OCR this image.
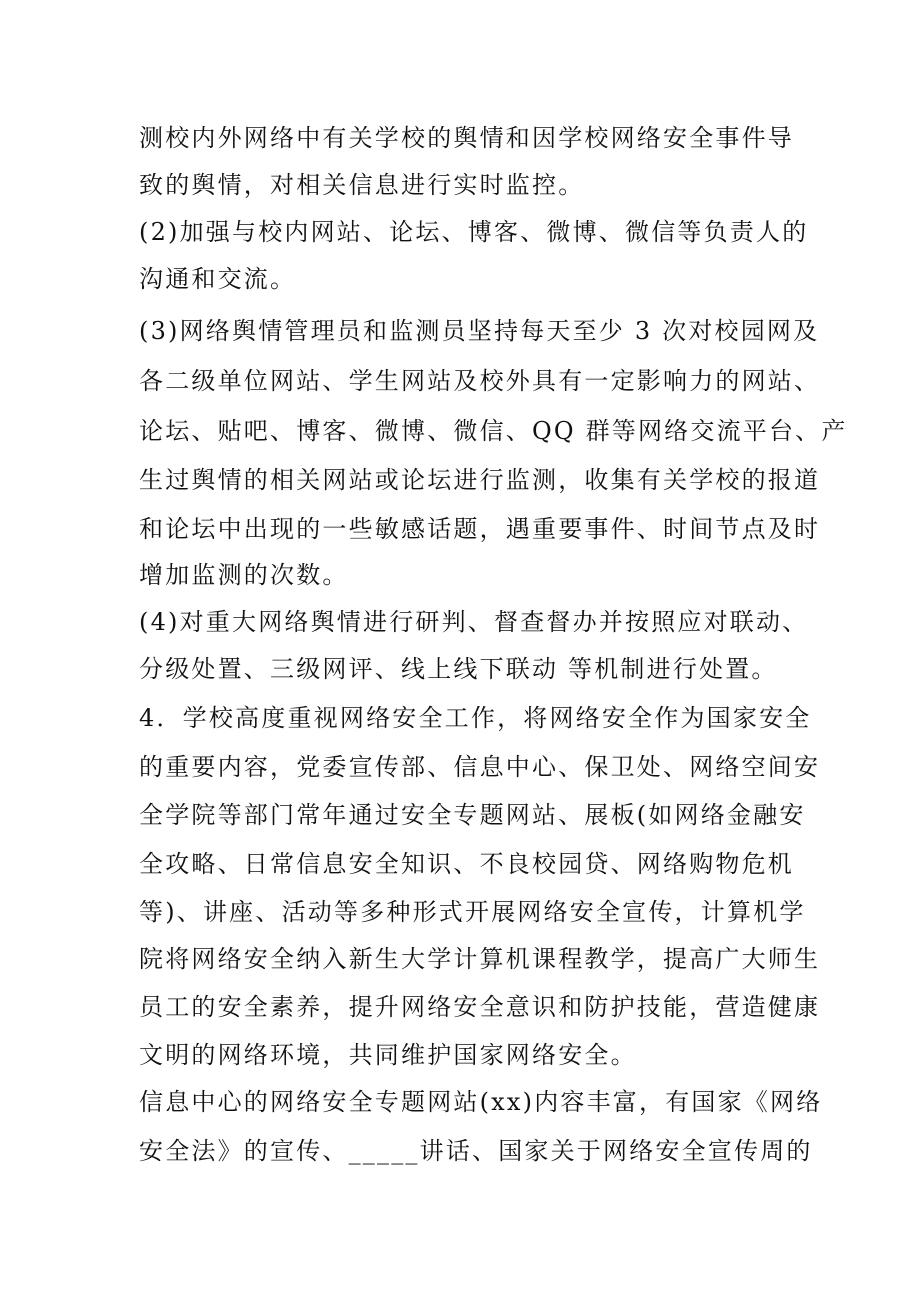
测校内外网络中有关学校的舆情和因学校网络安全事件导
致的舆情，对相关信息进行实时监控。
(2)加强与校内网站、论坛、博客、微博、微信等负责人的
沟通和交流。
(3)网络舆情管理员和监测员坚持每天至少 3 次对校园网及
各二级单位网站、学生网站及校外具有一定影响力的网站、
论坛、贴吧、博客、微博、微信、QQ 群等网络交流平台、产
生过舆情的相关网站或论坛进行监测，收集有关学校的报道
和论坛中出现的一些敏感话题，遇重要事件、时间节点及时
增加监测的次数。
(4)对重大网络舆情进行研判、督查督办并按照应对联动、
分级处置、三级网评、线上线下联动 等机制进行处置。
4．学校高度重视网络安全工作，将网络安全作为国家安全
的重要内容，党委宣传部、信息中心、保卫处、网络空间安
全学院等部门常年通过安全专题网站、展板(如网络金融安
全攻略、日常信息安全知识、不良校园贷、网络购物危机
等)、讲座、活动等多种形式开展网络安全宣传，计算机学
院将网络安全纳入新生大学计算机课程教学，提高广大师生
员工的安全素养，提升网络安全意识和防护技能，营造健康
文明的网络环境，共同维护国家网络安全。
信息中心的网络安全专题网站(xx)内容丰富，有国家《网络
安全法》的宣传、_____讲话、国家关于网络安全宣传周的
